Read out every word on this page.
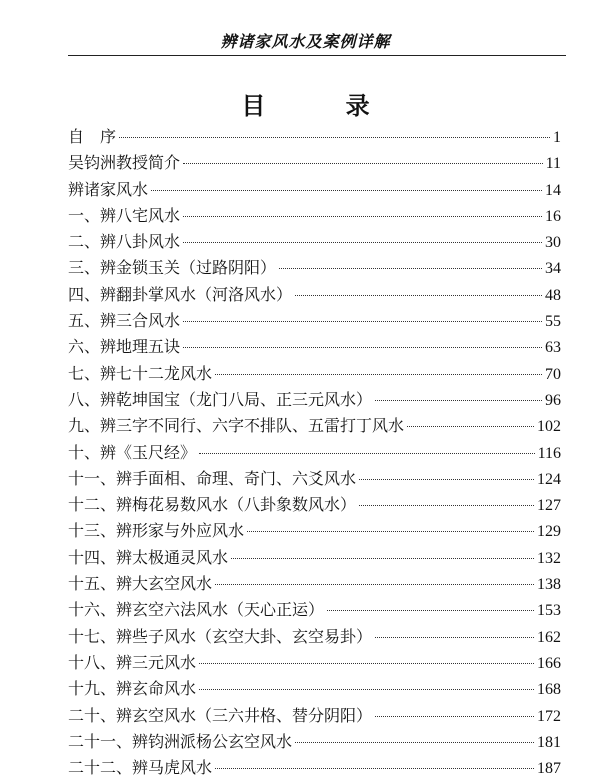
辨诸家风水及案例详解
目 录
自　序	1
吴钧洲教授简介	11
辨诸家风水	14
一、辨八宅风水	16
二、辨八卦风水	30
三、辨金锁玉关（过路阴阳）	34
四、辨翻卦掌风水（河洛风水）	48
五、辨三合风水	55
六、辨地理五诀	63
七、辨七十二龙风水	70
八、辨乾坤国宝（龙门八局、正三元风水）	96
九、辨三字不同行、六字不排队、五雷打丁风水	102
十、辨《玉尺经》	116
十一、辨手面相、命理、奇门、六爻风水	124
十二、辨梅花易数风水（八卦象数风水）	127
十三、辨形家与外应风水	129
十四、辨太极通灵风水	132
十五、辨大玄空风水	138
十六、辨玄空六法风水（天心正运）	153
十七、辨些子风水（玄空大卦、玄空易卦）	162
十八、辨三元风水	166
十九、辨玄命风水	168
二十、辨玄空风水（三六井格、替分阴阳）	172
二十一、辨钧洲派杨公玄空风水	181
二十二、辨马虎风水	187
